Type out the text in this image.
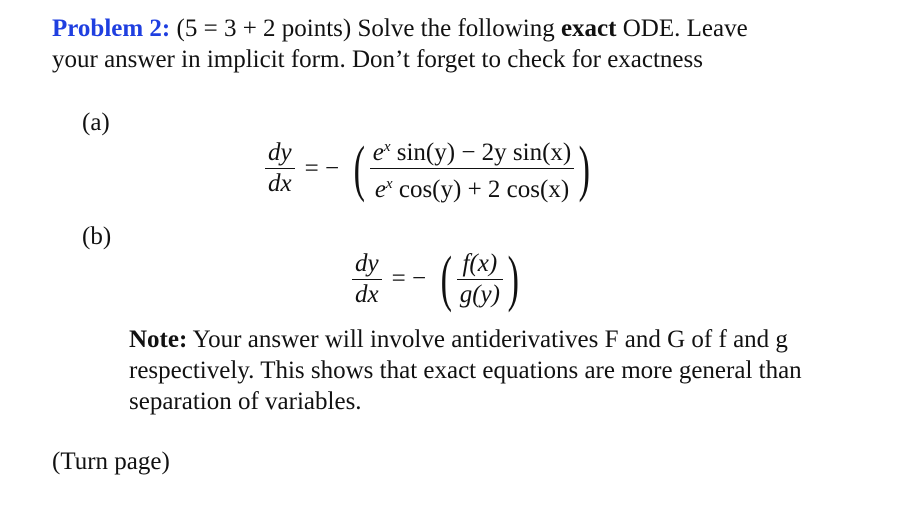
Problem 2: (5 = 3 + 2 points) Solve the following exact ODE. Leave
your answer in implicit form. Don’t forget to check for exactness
(a)
$\frac{dy}{dx}$ = − ( $\frac{e^x \sin(y) - 2y \sin(x)}{e^x \cos(y) + 2 \cos(x)}$ )
(b)
$\frac{dy}{dx}$ = − ( $\frac{f(x)}{g(y)}$ )
Note: Your answer will involve antiderivatives F and G of f and g respectively. This shows that exact equations are more general than separation of variables.
(Turn page)
